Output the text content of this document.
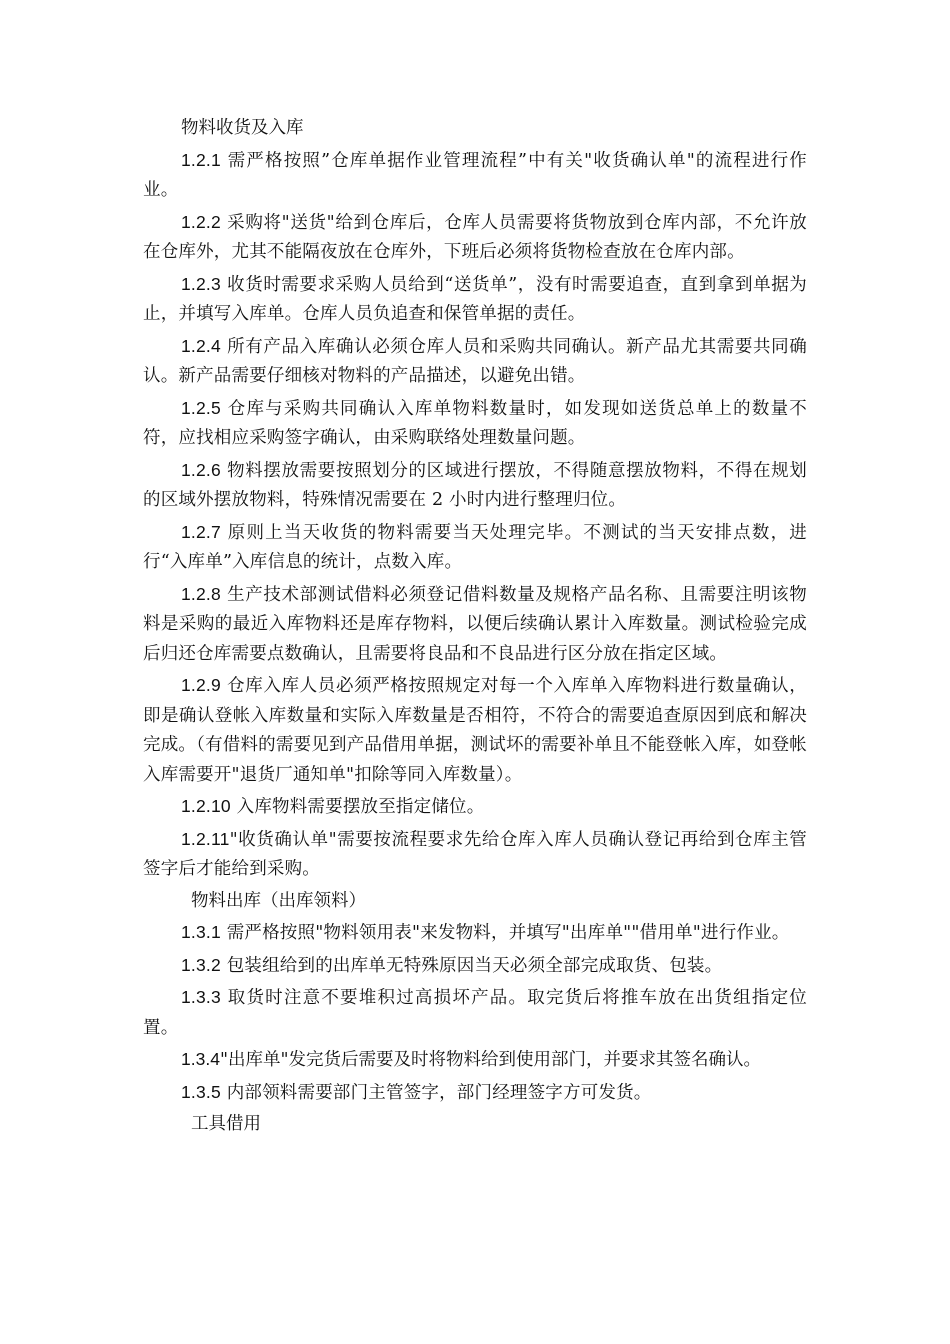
物料收货及入库

1.2.1 需严格按照”仓库单据作业管理流程”中有关"收货确认单"的流程进行作业。

1.2.2 采购将"送货"给到仓库后，仓库人员需要将货物放到仓库内部，不允许放在仓库外，尤其不能隔夜放在仓库外，下班后必须将货物检查放在仓库内部。

1.2.3 收货时需要求采购人员给到“送货单”，没有时需要追查，直到拿到单据为止，并填写入库单。仓库人员负追查和保管单据的责任。

1.2.4 所有产品入库确认必须仓库人员和采购共同确认。新产品尤其需要共同确认。新产品需要仔细核对物料的产品描述，以避免出错。

1.2.5 仓库与采购共同确认入库单物料数量时，如发现如送货总单上的数量不符，应找相应采购签字确认，由采购联络处理数量问题。

1.2.6 物料摆放需要按照划分的区域进行摆放，不得随意摆放物料，不得在规划的区域外摆放物料，特殊情况需要在 2 小时内进行整理归位。

1.2.7 原则上当天收货的物料需要当天处理完毕。不测试的当天安排点数，进行“入库单”入库信息的统计，点数入库。

1.2.8 生产技术部测试借料必须登记借料数量及规格产品名称、且需要注明该物料是采购的最近入库物料还是库存物料，以便后续确认累计入库数量。测试检验完成后归还仓库需要点数确认，且需要将良品和不良品进行区分放在指定区域。

1.2.9 仓库入库人员必须严格按照规定对每一个入库单入库物料进行数量确认，即是确认登帐入库数量和实际入库数量是否相符，不符合的需要追查原因到底和解决完成。（有借料的需要见到产品借用单据，测试坏的需要补单且不能登帐入库，如登帐入库需要开"退货厂通知单"扣除等同入库数量）。

1.2.10 入库物料需要摆放至指定储位。

1.2.11"收货确认单"需要按流程要求先给仓库入库人员确认登记再给到仓库主管签字后才能给到采购。

物料出库（出库领料）

1.3.1 需严格按照"物料领用表"来发物料，并填写"出库单""借用单"进行作业。

1.3.2 包装组给到的出库单无特殊原因当天必须全部完成取货、包装。

1.3.3 取货时注意不要堆积过高损坏产品。取完货后将推车放在出货组指定位置。

1.3.4"出库单"发完货后需要及时将物料给到使用部门，并要求其签名确认。

1.3.5 内部领料需要部门主管签字，部门经理签字方可发货。

工具借用
